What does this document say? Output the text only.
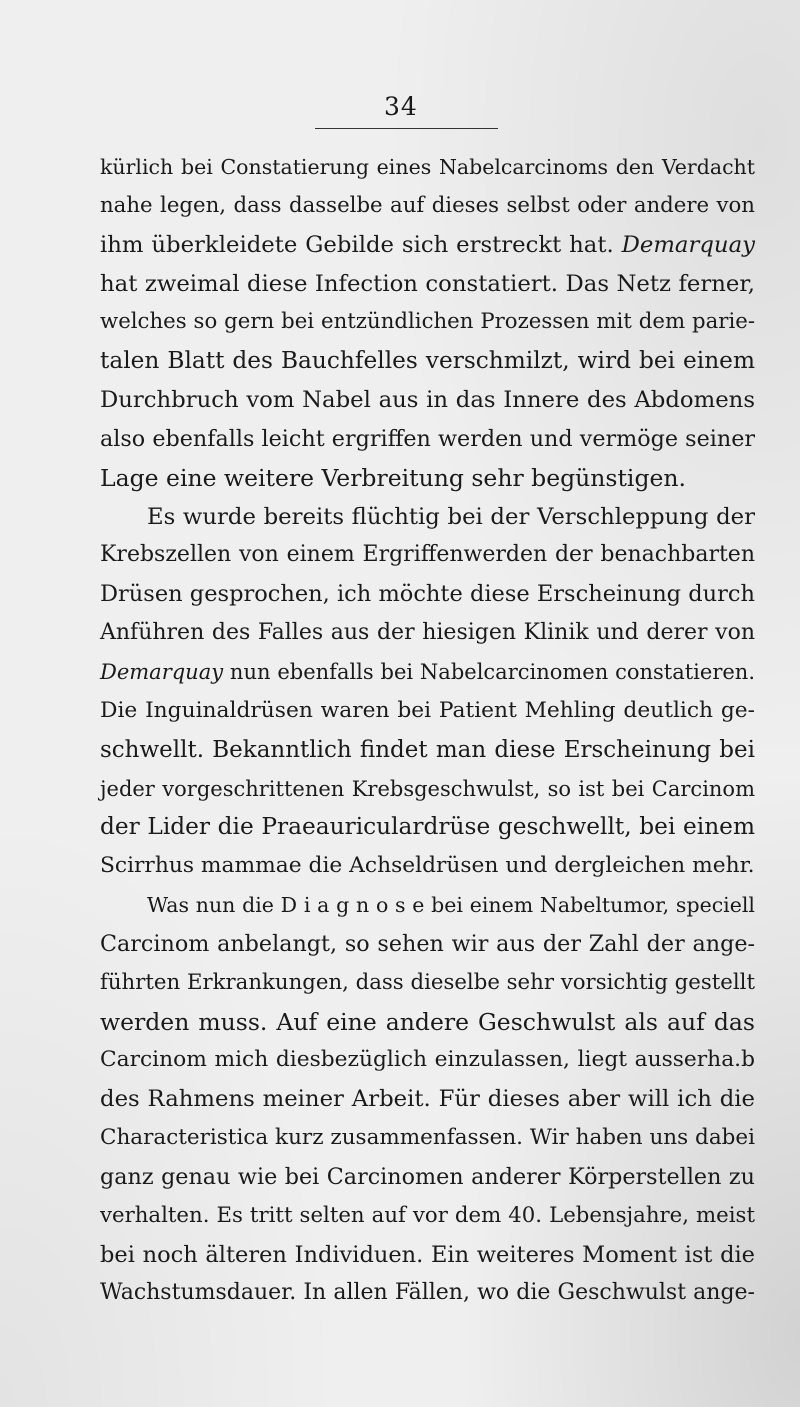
34
kürlich bei Constatierung eines Nabelcarcinoms den Verdacht
nahe legen, dass dasselbe auf dieses selbst oder andere von
ihm überkleidete Gebilde sich erstreckt hat. Demarquay
hat zweimal diese Infection constatiert. Das Netz ferner,
welches so gern bei entzündlichen Prozessen mit dem parie-
talen Blatt des Bauchfelles verschmilzt, wird bei einem
Durchbruch vom Nabel aus in das Innere des Abdomens
also ebenfalls leicht ergriffen werden und vermöge seiner
Lage eine weitere Verbreitung sehr begünstigen.
Es wurde bereits flüchtig bei der Verschleppung der
Krebszellen von einem Ergriffenwerden der benachbarten
Drüsen gesprochen, ich möchte diese Erscheinung durch
Anführen des Falles aus der hiesigen Klinik und derer von
Demarquay nun ebenfalls bei Nabelcarcinomen constatieren.
Die Inguinaldrüsen waren bei Patient Mehling deutlich ge-
schwellt. Bekanntlich findet man diese Erscheinung bei
jeder vorgeschrittenen Krebsgeschwulst, so ist bei Carcinom
der Lider die Praeauriculardrüse geschwellt, bei einem
Scirrhus mammae die Achseldrüsen und dergleichen mehr.
Was nun die D i a g n o s e bei einem Nabeltumor, speciell
Carcinom anbelangt, so sehen wir aus der Zahl der ange-
führten Erkrankungen, dass dieselbe sehr vorsichtig gestellt
werden muss. Auf eine andere Geschwulst als auf das
Carcinom mich diesbezüglich einzulassen, liegt ausserha.b
des Rahmens meiner Arbeit. Für dieses aber will ich die
Characteristica kurz zusammenfassen. Wir haben uns dabei
ganz genau wie bei Carcinomen anderer Körperstellen zu
verhalten. Es tritt selten auf vor dem 40. Lebensjahre, meist
bei noch älteren Individuen. Ein weiteres Moment ist die
Wachstumsdauer. In allen Fällen, wo die Geschwulst ange-
